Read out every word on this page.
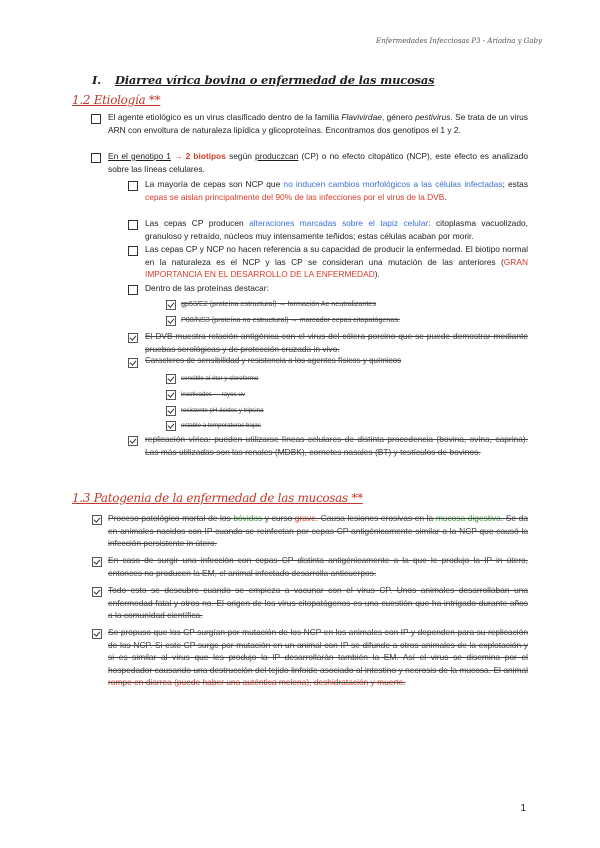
Enfermedades Infecciosas P3 - Ariadna y Gaby
I. Diarrea vírica bovina o enfermedad de las mucosas
1.2 Etiología **
El agente etiológico es un virus clasificado dentro de la familia Flavivirdae, género pestivirus. Se trata de un virus ARN con envoltura de naturaleza lipídica y glicoproteínas. Encontramos dos genotipos el 1 y 2.
En el genotipo 1 → 2 biotipos según produczcan (CP) o no efecto citopático (NCP), este efecto es analizado sobre las líneas celulares.
La mayoría de cepas son NCP que no inducen cambios morfológicos a las células infectadas; estas cepas se aislan principalmente del 90% de las infecciones por el virus de la DVB.
Las cepas CP producen alteraciones marcadas sobre el tapiz celular: citoplasma vacuolizado, granuloso y retraído, núcleos muy intensamente teñidos; estas células acaban por morir.
Las cepas CP y NCP no hacen referencia a su capacidad de producir la enfermedad. El biotipo normal en la naturaleza es el NCP y las CP se consideran una mutación de las anteriores (GRAN IMPORTANCIA EN EL DESARROLLO DE LA ENFERMEDAD).
Dentro de las proteínas destacar:
gp53/E2 (proteína estructural) → formación Ac neutralizantes
P80/NS3 (proteína no estructural) → marcador cepas citopatógenas.
El DVB muestra relación antigénica con el virus del cólera porcino que se puede demostrar mediante pruebas serológicas y de protección cruzada in vivo.
Caracteres de sensibilidad y resistencia a los agentes físicos y químicos
sensible al éter y cloroformo
inactivados → rayos uv
resistente pH ácidos y tripsina
estable a temperaturas bajas
replicación vírica: pueden utilizarse líneas celulares de distinta procedencia (bovina, ovina, caprina). Las más utilizadas son las renales (MDBK), cornetes nasales (BT) y testículos de bovinos.
1.3 Patogenia de la enfermedad de las mucosas **
Proceso patológico mortal de los bóvidos y curso grave. Causa lesiones erosivas en la mucosa digestiva. Se da en animales nacidos con IP cuando se reinfectan por cepas CP antigénicamente similar a la NCP que causó la infección persistente in útero.
En caso de surgir una infección con cepas CP distinta antigénicamente a la que le produjo la IP in útero, entonces no producen la EM, el animal infectado desarrolla anticuerpos.
Todo esto se descubre cuando se empieza a vacunar con el virus CP. Unos animales desarrollaban una enfermedad fatal y otros no. El origen de los virus citopatógenos es una cuestión que ha intrigado durante años a la comunidad científica.
Se propuso que los CP surgían por mutación de los NCP en los animales con IP y dependen para su replicación de los NCP. Si este CP surge por mutación en un animal con IP se difunde a otros animales de la explotación y si es similar al virus que les produjo la IP desarrollarán también la EM. Así el virus se disemina por el hospedador causando una destrucción del tejido linfoide asociado al intestino y necrosis de la mucosa. El animal rompe en diarrea (puede haber una auténtica melena), deshidratación y muerte.
1
